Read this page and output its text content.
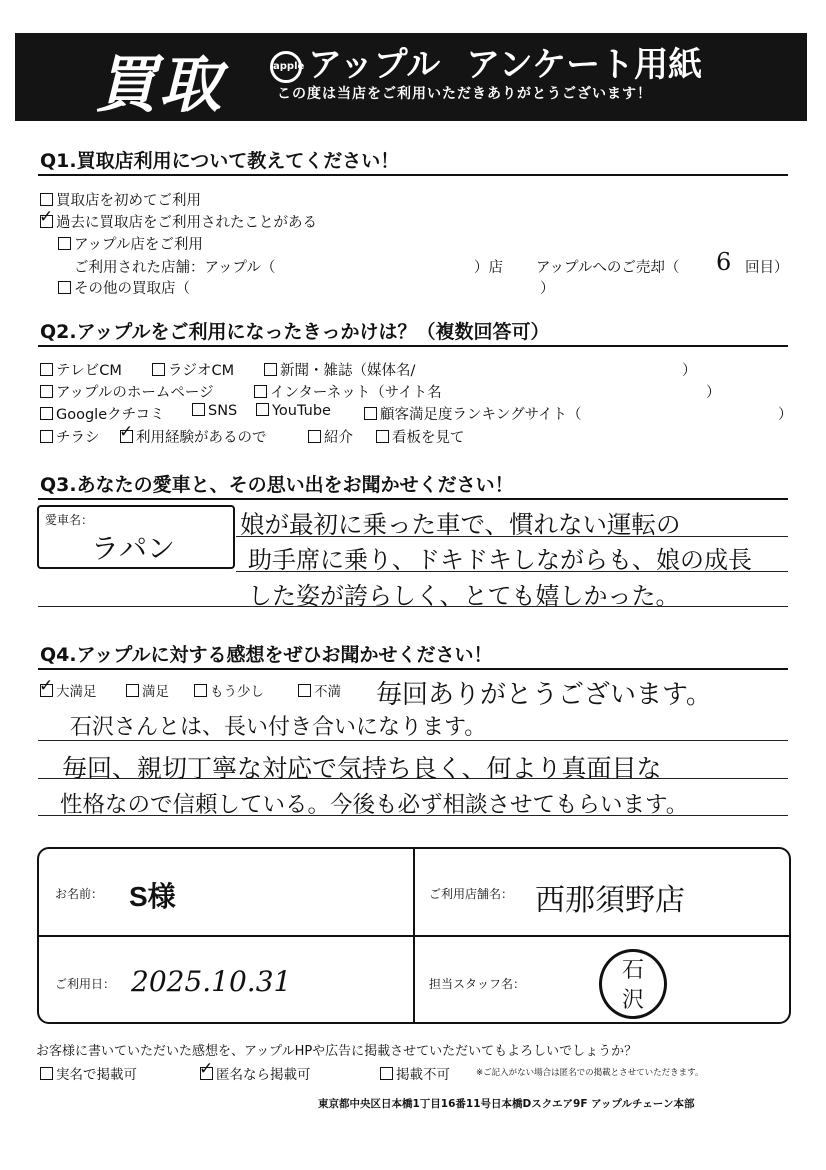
買取	apple アップル アンケート用紙
この度は当店をご利用いただきありがとうございます！
Q1.買取店利用について教えてください！
買取店を初めてご利用
✓過去に買取店をご利用されたことがある
アップル店をご利用
ご利用された店舗：アップル（	）店 アップルへのご売却（ 6 回目）
その他の買取店（	）
Q2.アップルをご利用になったきっかけは？（複数回答可）
テレビCM	ラジオCM	新聞・雑誌（媒体名/	）
アップルのホームページ	インターネット（サイト名	）
Googleクチコミ	SNS	YouTube	顧客満足度ランキングサイト（	）
チラシ ✓	利用経験があるので	紹介	看板を見て
Q3.あなたの愛車と、その思い出をお聞かせください！
愛車名：
ラパン
娘が最初に乗った車で、慣れない運転の
助手席に乗り、ドキドキしながらも、娘の成長
した姿が誇らしく、とても嬉しかった。
Q4.アップルに対する感想をぜひお聞かせください！
✓大満足	満足	もう少し	不満 毎回ありがとうございます。
石沢さんとは、長い付き合いになります。
毎回、親切丁寧な対応で気持ち良く、何より真面目な
性格なので信頼している。今後も必ず相談させてもらいます。
お名前： S様	ご利用店舗名： 西那須野店
ご利用日： 2025.10.31	担当スタッフ名：
石
沢
お客様に書いていただいた感想を、アップルHPや広告に掲載させていただいてもよろしいでしょうか？
実名で掲載可 ✓	匿名なら掲載可	掲載不可	※ご記入がない場合は匿名での掲載とさせていただきます。
東京都中央区日本橋1丁目16番11号日本橋Dスクエア9F アップルチェーン本部
